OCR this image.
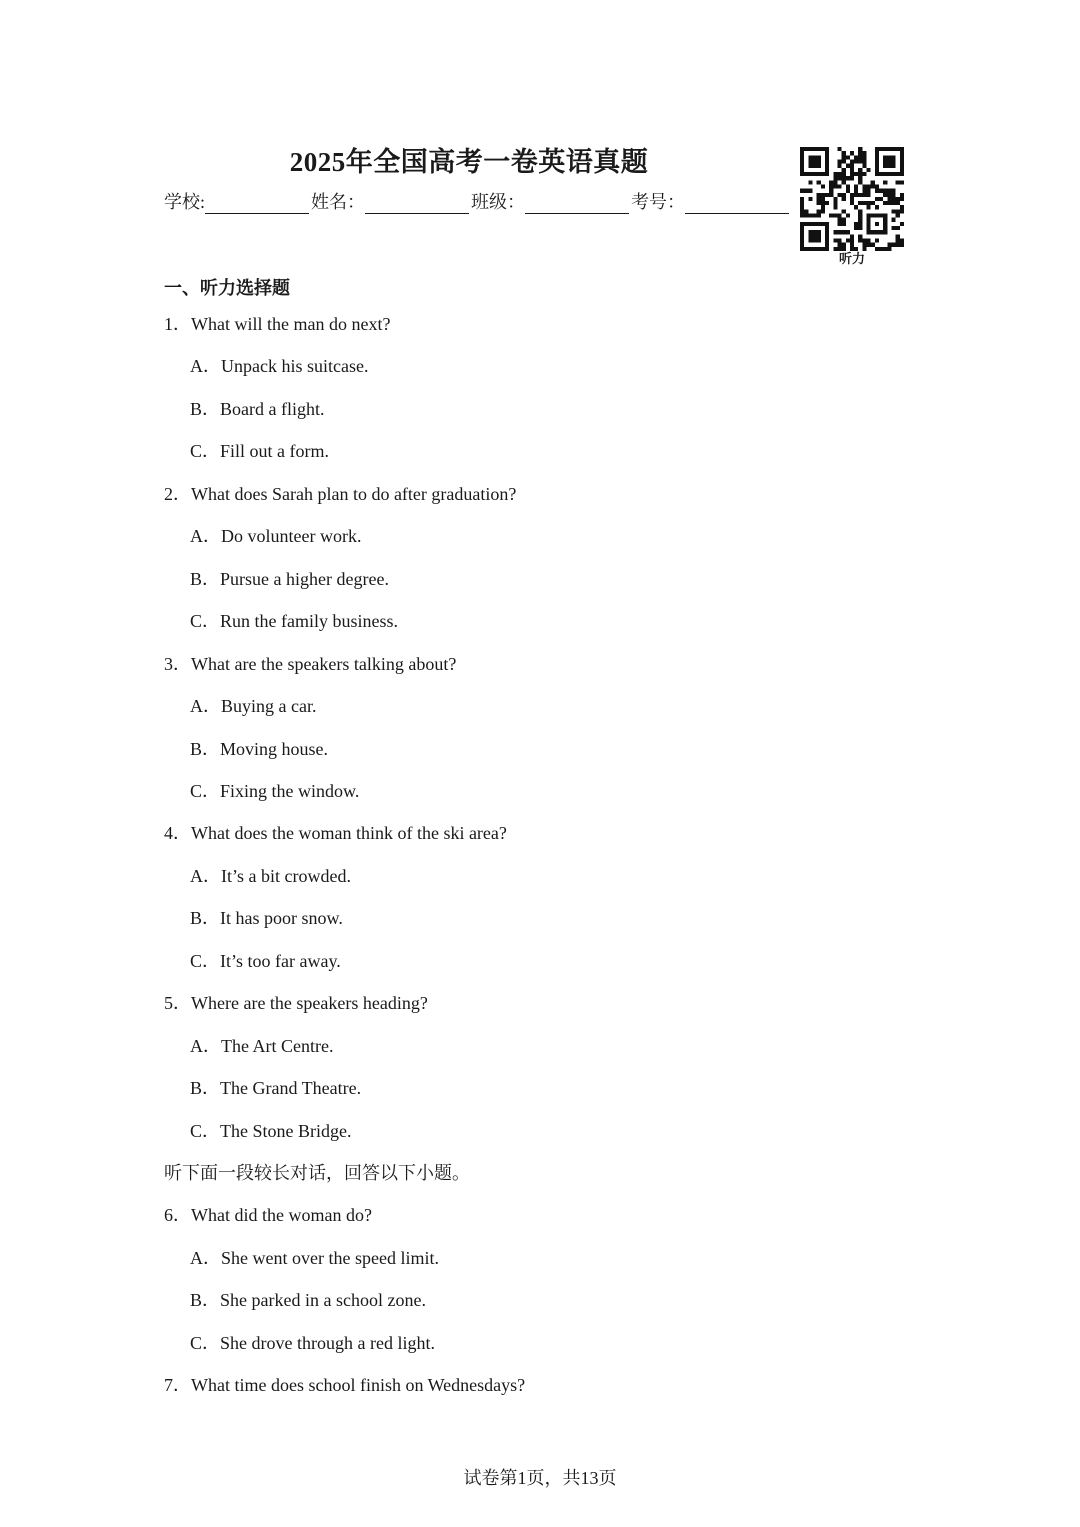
2025年全国高考一卷英语真题
学校:	姓名：	班级：	考号：
听力
一、听力选择题
1．What will the man do next?
A．Unpack his suitcase.
B．Board a flight.
C．Fill out a form.
2．What does Sarah plan to do after graduation?
A．Do volunteer work.
B．Pursue a higher degree.
C．Run the family business.
3．What are the speakers talking about?
A．Buying a car.
B．Moving house.
C．Fixing the window.
4．What does the woman think of the ski area?
A．It’s a bit crowded.
B．It has poor snow.
C．It’s too far away.
5．Where are the speakers heading?
A．The Art Centre.
B．The Grand Theatre.
C．The Stone Bridge.
听下面一段较长对话，回答以下小题。
6．What did the woman do?
A．She went over the speed limit.
B．She parked in a school zone.
C．She drove through a red light.
7．What time does school finish on Wednesdays?
试卷第1页，共13页
